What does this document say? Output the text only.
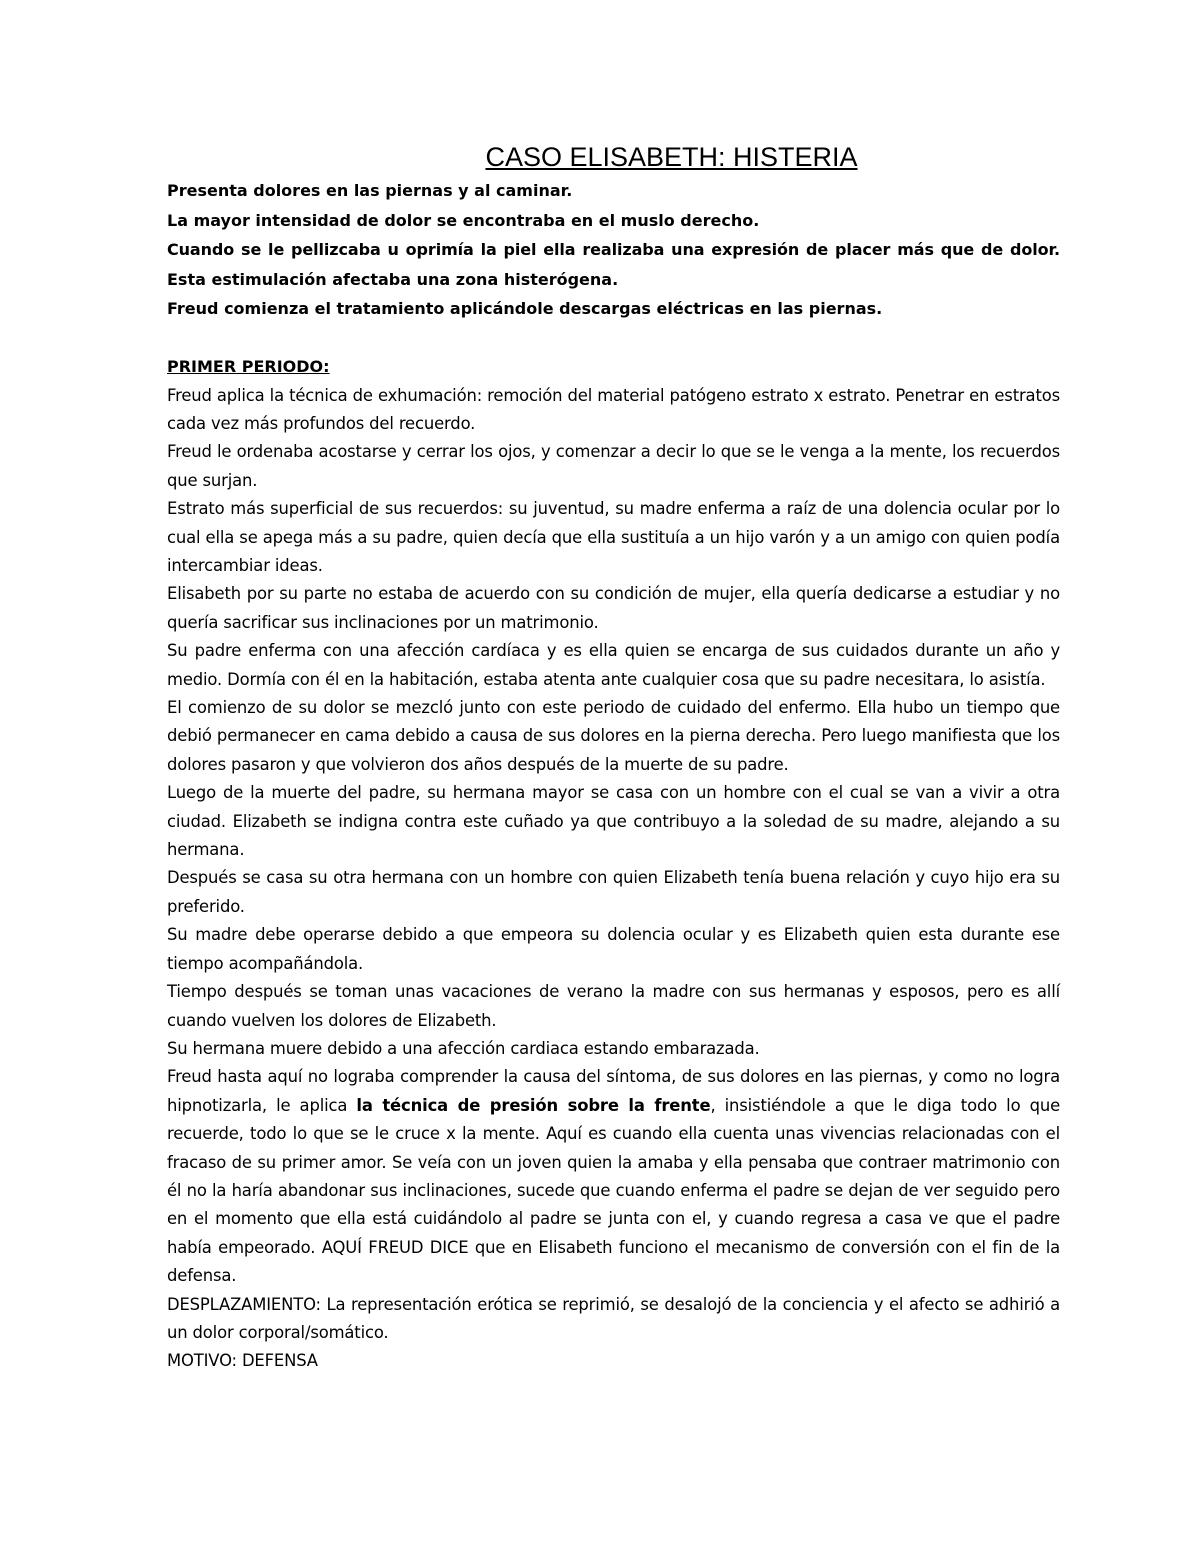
CASO ELISABETH: HISTERIA

Presenta dolores en las piernas y al caminar.

La mayor intensidad de dolor se encontraba en el muslo derecho.

Cuando se le pellizcaba u oprimía la piel ella realizaba una expresión de placer más que de dolor.

Esta estimulación afectaba una zona histerógena.

Freud comienza el tratamiento aplicándole descargas eléctricas en las piernas.

PRIMER PERIODO:

Freud aplica la técnica de exhumación: remoción del material patógeno estrato x estrato. Penetrar en estratos cada vez más profundos del recuerdo.

Freud le ordenaba acostarse y cerrar los ojos, y comenzar a decir lo que se le venga a la mente, los recuerdos que surjan.

Estrato más superficial de sus recuerdos: su juventud, su madre enferma a raíz de una dolencia ocular por lo cual ella se apega más a su padre, quien decía que ella sustituía a un hijo varón y a un amigo con quien podía intercambiar ideas.

Elisabeth por su parte no estaba de acuerdo con su condición de mujer, ella quería dedicarse a estudiar y no quería sacrificar sus inclinaciones por un matrimonio.

Su padre enferma con una afección cardíaca y es ella quien se encarga de sus cuidados durante un año y medio. Dormía con él en la habitación, estaba atenta ante cualquier cosa que su padre necesitara, lo asistía.

El comienzo de su dolor se mezcló junto con este periodo de cuidado del enfermo. Ella hubo un tiempo que debió permanecer en cama debido a causa de sus dolores en la pierna derecha. Pero luego manifiesta que los dolores pasaron y que volvieron dos años después de la muerte de su padre.

Luego de la muerte del padre, su hermana mayor se casa con un hombre con el cual se van a vivir a otra ciudad. Elizabeth se indigna contra este cuñado ya que contribuyo a la soledad de su madre, alejando a su hermana.

Después se casa su otra hermana con un hombre con quien Elizabeth tenía buena relación y cuyo hijo era su preferido.

Su madre debe operarse debido a que empeora su dolencia ocular y es Elizabeth quien esta durante ese tiempo acompañándola.

Tiempo después se toman unas vacaciones de verano la madre con sus hermanas y esposos, pero es allí cuando vuelven los dolores de Elizabeth.

Su hermana muere debido a una afección cardiaca estando embarazada.

Freud hasta aquí no lograba comprender la causa del síntoma, de sus dolores en las piernas, y como no logra hipnotizarla, le aplica la técnica de presión sobre la frente, insistiéndole a que le diga todo lo que recuerde, todo lo que se le cruce x la mente. Aquí es cuando ella cuenta unas vivencias relacionadas con el fracaso de su primer amor. Se veía con un joven quien la amaba y ella pensaba que contraer matrimonio con él no la haría abandonar sus inclinaciones, sucede que cuando enferma el padre se dejan de ver seguido pero en el momento que ella está cuidándolo al padre se junta con el, y cuando regresa a casa ve que el padre había empeorado. AQUÍ FREUD DICE que en Elisabeth funciono el mecanismo de conversión con el fin de la defensa.

DESPLAZAMIENTO: La representación erótica se reprimió, se desalojó de la conciencia y el afecto se adhirió a un dolor corporal/somático.

MOTIVO: DEFENSA
